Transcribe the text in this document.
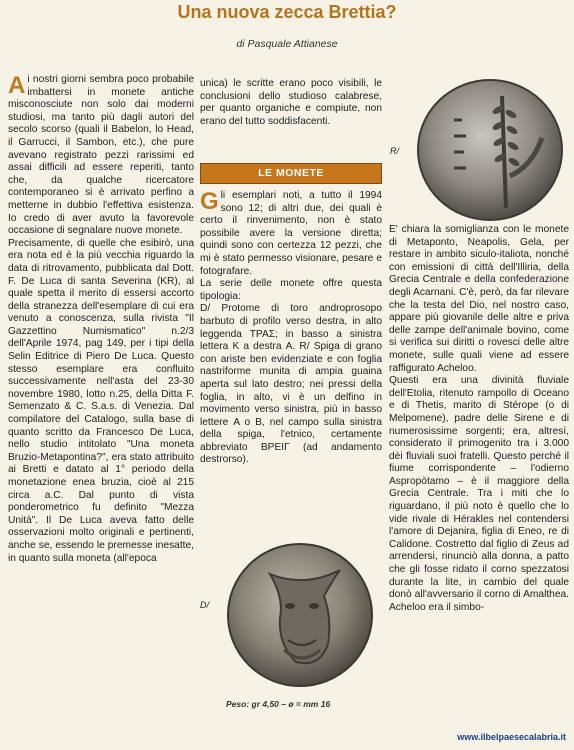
Una nuova zecca Brettia?
di Pasquale Attianese

Ai nostri giorni sembra poco probabile imbattersi in monete antiche misconosciute non solo dai moderni studiosi, ma tanto più dagli autori del secolo scorso (quali il Babelon, lo Head, il Garrucci, il Sambon, etc.), che pure avevano registrato pezzi rarissimi ed assai difficili ad essere reperiti, tanto che, da qualche ricercatore contemporaneo si è arrivato perfino a metterne in dubbio l'effettiva esistenza. Io credo di aver avuto la favorevole occasione di segnalare nuove monete.

Precisamente, di quelle che esibirò, una era nota ed è la più vecchia riguardo la data di ritrovamento, pubblicata dal Dott. F. De Luca di santa Severina (KR), al quale spetta il merito di essersi accorto della stranezza dell'esemplare di cui era venuto a conoscenza, sulla rivista "Il Gazzettino Numismatico" n.2/3 dell'Aprile 1974, pag 149, per i tipi della Selin Editrice di Piero De Luca. Questo stesso esemplare era confluito successivamente nell'asta del 23-30 novembre 1980, lotto n.25, della Ditta F. Semenzato & C. S.a.s. di Venezia. Dal compilatore del Catalogo, sulla base di quanto scritto da Francesco De Luca, nello studio intitolato "Una moneta Bruzio-Metapontina?", era stato attribuito ai Bretti e datato al 1° periodo della monetazione enea bruzia, cioè al 215 circa a.C. Dal punto di vista ponderometrico fu definito "Mezza Unità". Il De Luca aveva fatto delle osservazioni molto originali e pertinenti, anche se, essendo le premesse inesatte, in quanto sulla moneta (all'epoca

unica) le scritte erano poco visibili, le conclusioni dello studioso calabrese, per quanto organiche e compiute, non erano del tutto soddisfacenti.

LE MONETE

Gli esemplari noti, a tutto il 1994 sono 12; di altri due, dei quali è certo il rinvenimento, non è stato possibile avere la versione diretta; quindi sono con certezza 12 pezzi, che mi è stato permesso visionare, pesare e fotografare.

La serie delle monete offre questa tipologia:

D/ Protome di toro androprosopo barbuto di profilo verso destra, in alto leggenda ΤΡΑΣ; in basso a sinistra lettera Κ a destra Α. R/ Spiga di grano con ariste ben evidenziate e con foglia nastriforme munita di ampia guaina aperta sul lato destro; nei pressi della foglia, in alto, vi è un delfino in movimento verso sinistra, più in basso lettere Α o Β, nel campo sulla sinistra della spiga, l'etnico, certamente abbreviato ΒΡΕΙΓ (ad andamento destrorso).

R/

E' chiara la somiglianza con le monete di Metaponto, Neapolis, Gela, per restare in ambito siculo-italiota, nonché con emissioni di città dell'Illiria, della Grecia Centrale e della confederazione degli Acarnani. C'è, però, da far rilevare che la testa del Dio, nel nostro caso, appare più giovanile delle altre e priva delle zampe dell'animale bovino, come si verifica sui diritti o rovesci delle altre monete, sulle quali viene ad essere raffigurato Acheloo.

Questi era una divinità fluviale dell'Etolia, ritenuto rampollo di Oceano e di Thetis, marito di Stérope (o di Melpomene), padre delle Sirene e di numerosissime sorgenti; era, altresì, considerato il primogenito tra i 3.000 dèi fluviali suoi fratelli. Questo perché il fiume corrispondente – l'odierno Aspropòtamo – è il maggiore della Grecia Centrale. Tra i miti che lo riguardano, il più noto è quello che lo vide rivale di Hérakles nel contendersi l'amore di Dejanira, figlia di Eneo, re di Calidone. Costretto dal figlio di Zeus ad arrendersi, rinunciò alla donna, a patto che gli fosse ridato il corno spezzatosi durante la lite, in cambio del quale donò all'avversario il corno di Amalthea. Acheloo era il simbo-

D/
Peso: gr 4,50 – ø = mm 16
www.ilbelpaesecalabria.it
